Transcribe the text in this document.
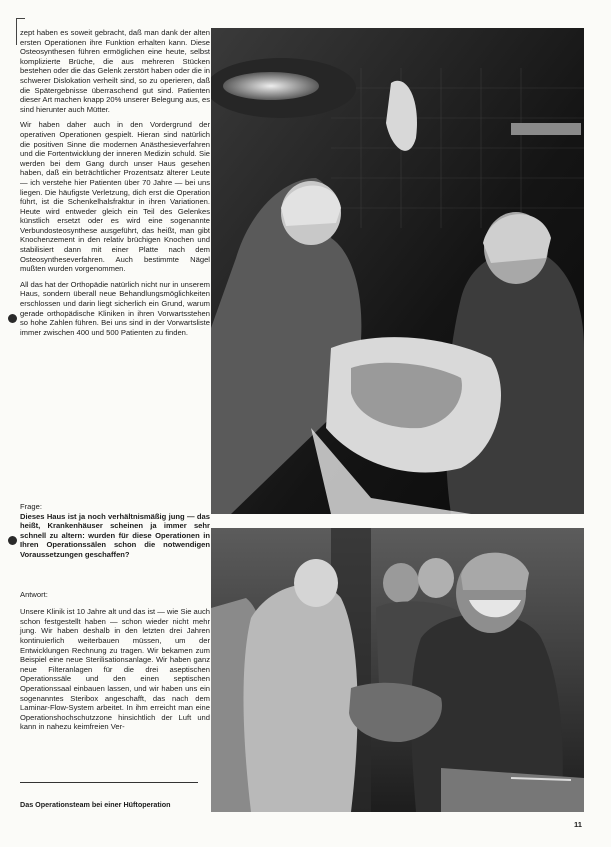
zept haben es soweit gebracht, daß man dank der alten ersten Operationen ihre Funktion erhalten kann. Diese Osteosynthesen führen ermöglichen eine heute, selbst komplizierte Brüche, die aus mehreren Stücken bestehen oder die das Gelenk zerstört haben oder die in schwerer Dislokation verheilt sind, so zu operieren, daß die Spätergebnisse überraschend gut sind. Patienten dieser Art machen knapp 20% unserer Belegung aus, es sind hierunter auch Mütter.

Wir haben daher auch in den Vordergrund der operativen Operationen gespielt. Hieran sind natürlich die positiven Sinne die modernen Anästhesieverfahren und die Fortentwicklung der inneren Medizin schuld. Sie werden bei dem Gang durch unser Haus gesehen haben, daß ein beträchtlicher Prozentsatz älterer Leute — ich verstehe hier Patienten über 70 Jahre — bei uns liegen. Die häufigste Verletzung, dich erst die Operation führt, ist die Schenkelhalsfraktur in ihren Variationen. Heute wird entweder gleich ein Teil des Gelenkes künstlich ersetzt oder es wird eine sogenannte Verbundosteosynthese ausgeführt, das heißt, man gibt Knochenzement in den relativ brüchigen Knochen und stabilisiert dann mit einer Platte nach dem Osteosyntheseverfahren. Auch bestimmte Nägel mußten wurden vorgenommen.

All das hat der Orthopädie natürlich nicht nur in unserem Haus, sondern überall neue Behandlungsmöglichkeiten erschlossen und darin liegt sicherlich ein Grund, warum gerade orthopädische Kliniken in ihren Vorwartsstehen so hohe Zahlen führen. Bei uns sind in der Vorwartsliste immer zwischen 400 und 500 Patienten zu finden.

Frage:

Dieses Haus ist ja noch verhältnismäßig jung — das heißt, Krankenhäuser scheinen ja immer sehr schnell zu altern: wurden für diese Operationen in Ihren Operationssälen schon die notwendigen Voraussetzungen geschaffen?

Antwort:

Unsere Klinik ist 10 Jahre alt und das ist — wie Sie auch schon festgestellt haben — schon wieder nicht mehr jung. Wir haben deshalb in den letzten drei Jahren kontinuierlich weiterbauen müssen, um der Entwicklungen Rechnung zu tragen. Wir bekamen zum Beispiel eine neue Sterilisationsanlage. Wir haben ganz neue Filteranlagen für die drei aseptischen Operationssäle und den einen septischen Operationssaal einbauen lassen, und wir haben uns ein sogenanntes Steribox angeschafft, das nach dem Laminar-Flow-System arbeitet. In ihm erreicht man eine Operationshochschutzzone hinsichtlich der Luft und kann in nahezu keimfreien Ver-

Das Operationsteam bei einer Hüftoperation
11
